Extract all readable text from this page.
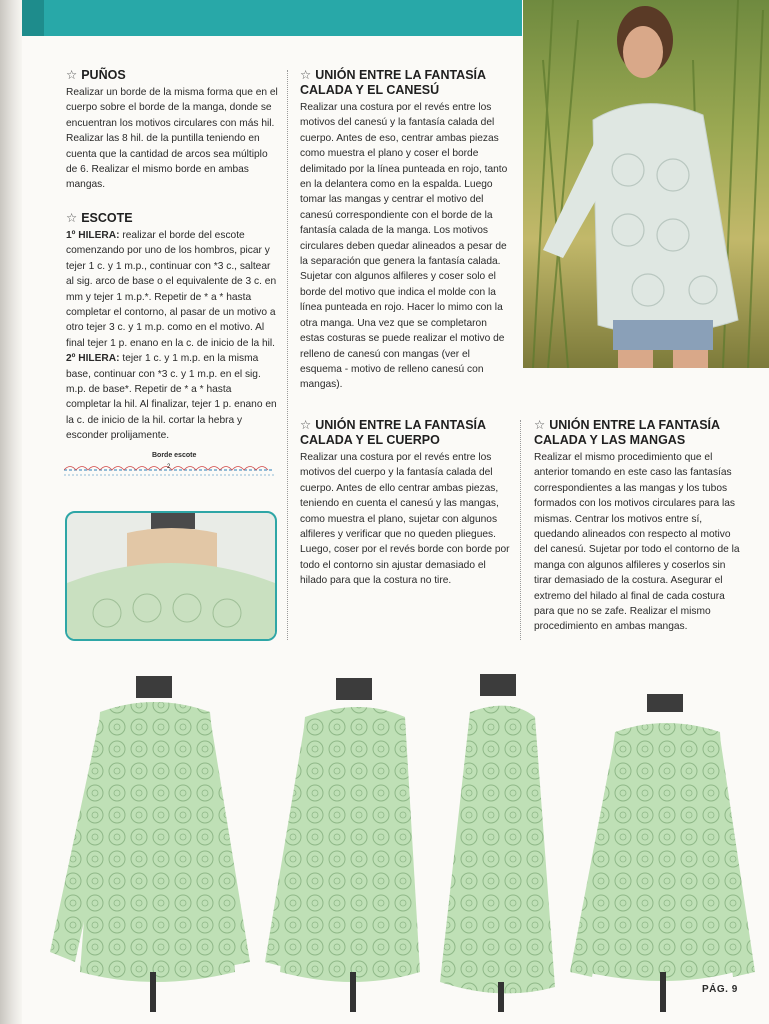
☆ PUÑOS

Realizar un borde de la misma forma que en el cuerpo sobre el borde de la manga, donde se encuentran los motivos circulares con más hil. Realizar las 8 hil. de la puntilla teniendo en cuenta que la cantidad de arcos sea múltiplo de 6. Realizar el mismo borde en ambas mangas.

☆ ESCOTE

1º HILERA: realizar el borde del escote comenzando por uno de los hombros, picar y tejer 1 c. y 1 m.p., continuar con *3 c., saltear al sig. arco de base o el equivalente de 3 c. en mm y tejer 1 m.p.*. Repetir de * a * hasta completar el contorno, al pasar de un motivo a otro tejer 3 c. y 1 m.p. como en el motivo. Al final tejer 1 p. enano en la c. de inicio de la hil.

2º HILERA: tejer 1 c. y 1 m.p. en la misma base, continuar con *3 c. y 1 m.p. en el sig. m.p. de base*. Repetir de * a * hasta completar la hil. Al finalizar, tejer 1 p. enano en la c. de inicio de la hil. cortar la hebra y esconder prolijamente.

Borde escote
2
☆ UNIÓN ENTRE LA FANTASÍA CALADA Y EL CANESÚ

Realizar una costura por el revés entre los motivos del canesú y la fantasía calada del cuerpo. Antes de eso, centrar ambas piezas como muestra el plano y coser el borde delimitado por la línea punteada en rojo, tanto en la delantera como en la espalda. Luego tomar las mangas y centrar el motivo del canesú correspondiente con el borde de la fantasía calada de la manga. Los motivos circulares deben quedar alineados a pesar de la separación que genera la fantasía calada. Sujetar con algunos alfileres y coser solo el borde del motivo que indica el molde con la línea punteada en rojo. Hacer lo mimo con la otra manga. Una vez que se completaron estas costuras se puede realizar el motivo de relleno de canesú con mangas (ver el esquema - motivo de relleno canesú con mangas).

☆ UNIÓN ENTRE LA FANTASÍA CALADA Y EL CUERPO

Realizar una costura por el revés entre los motivos del cuerpo y la fantasía calada del cuerpo. Antes de ello centrar ambas piezas, teniendo en cuenta el canesú y las mangas, como muestra el plano, sujetar con algunos alfileres y verificar que no queden pliegues. Luego, coser por el revés borde con borde por todo el contorno sin ajustar demasiado el hilado para que la costura no tire.

☆ UNIÓN ENTRE LA FANTASÍA CALADA Y LAS MANGAS

Realizar el mismo procedimiento que el anterior tomando en este caso las fantasías correspondientes a las mangas y los tubos formados con los motivos circulares para las mismas. Centrar los motivos entre sí, quedando alineados con respecto al motivo del canesú. Sujetar por todo el contorno de la manga con algunos alfileres y coserlos sin tirar demasiado de la costura. Asegurar el extremo del hilado al final de cada costura para que no se zafe. Realizar el mismo procedimiento en ambas mangas.

PÁG. 9
